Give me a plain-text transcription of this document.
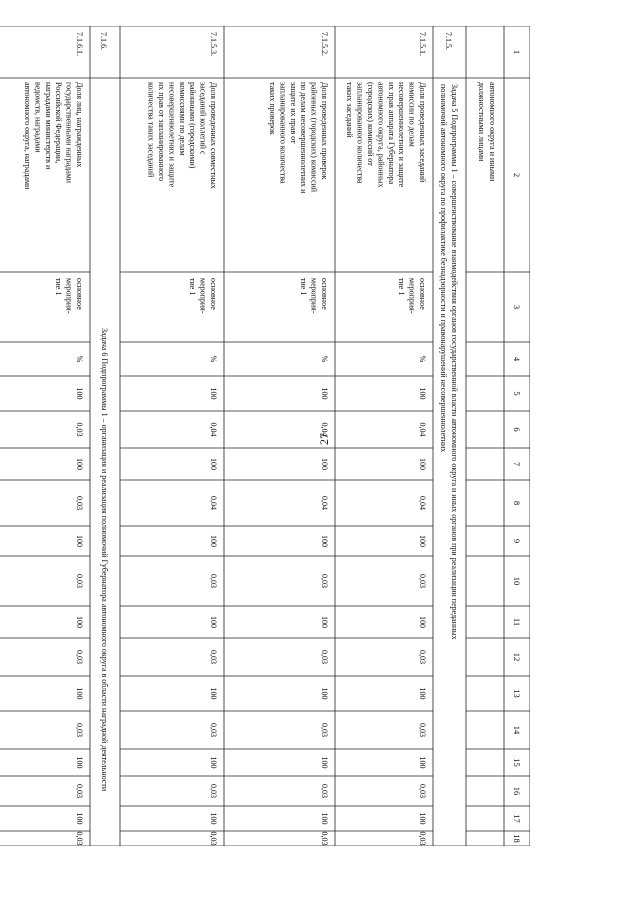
27
1
2
3
4
5
6
7
8
9
10
11
12
13
14
15
16
17
18
автономного округа и иными
должностными лицами
7.1.5.
Задача 5 Подпрограммы 1 – совершенствование взаимодействия органов государственной власти автономного округа и иных органов при реализации переданных
полномочий автономного округа по профилактике безнадзорности и правонарушений несовершеннолетних
7.1.5.1.
Доля проведенных заседаний
комиссии по делам
несовершеннолетних и защите
их прав аппарата Губернатора
автономного округа, районных
(городских) комиссий от
запланированного количества
таких заседаний
основное
мероприя-
тие 1
%
100
0,04
100
0,04
100
0,03
100
0,03
100
0,03
100
0,03
100
0,03
7.1.5.2.
Доля проведенных проверок
районных (городских) комиссий
по делам несовершеннолетних и
защите их прав от
запланированного количества
таких проверок
основное
мероприя-
тие 1
%
100
0,04
100
0,04
100
0,03
100
0,03
100
0,03
100
0,03
100
0,03
7.1.5.3.
Доля проведенных совместных
заседаний коллегий с
районными (городскими)
комиссиями по делам
несовершеннолетних и защите
их прав от запланированного
количества таких заседаний
основное
мероприя-
тие 1
%
100
0,04
100
0,04
100
0,03
100
0,03
100
0,03
100
0,03
100
0,03
7.1.6.
Задача 6 Подпрограммы 1 – организация и реализация полномочий Губернатора автономного округа в области наградной деятельности
7.1.6.1.
Доля лиц, награжденных
государственными наградами
Российской Федерации,
наградами министерств и
ведомств, наградами
автономного округа, наградами
основное
мероприя-
тие 1
%
100
0,03
100
0,03
100
0,03
100
0,03
100
0,03
100
0,03
100
0,03
